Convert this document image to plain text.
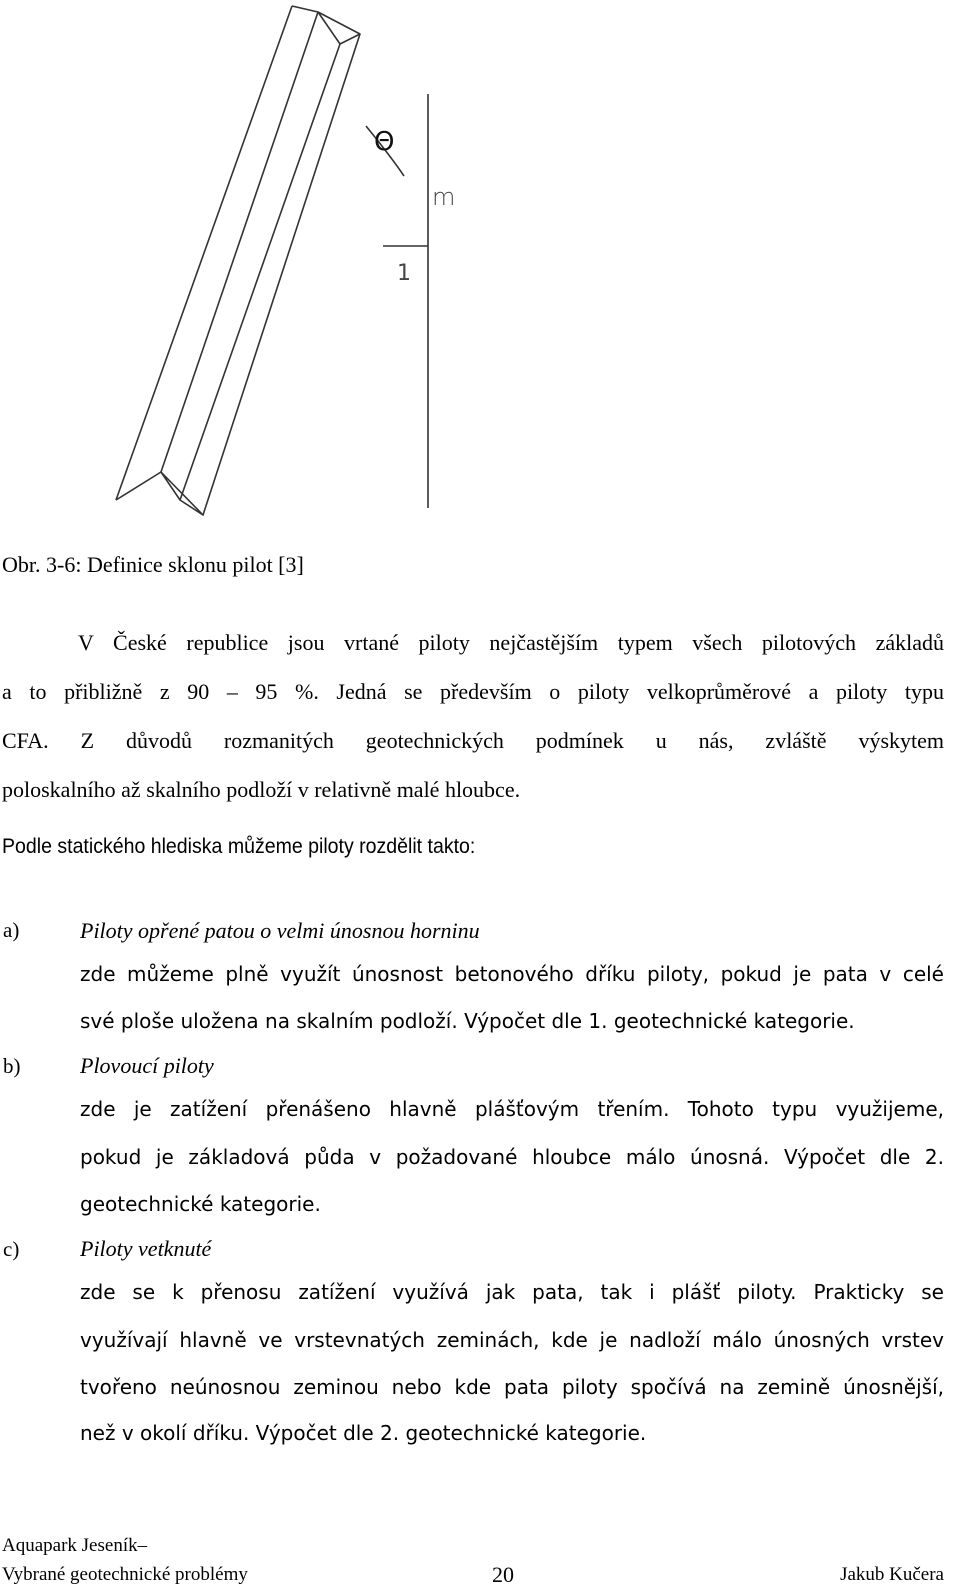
Θ
m
1
Obr. 3-6: Definice sklonu pilot [3]
V České republice jsou vrtané piloty nejčastějším typem všech pilotových základů
a to přibližně z 90 – 95 %. Jedná se především o piloty velkoprůměrové a piloty typu
CFA. Z důvodů rozmanitých geotechnických podmínek u nás, zvláště výskytem
poloskalního až skalního podloží v relativně malé hloubce.
Podle statického hlediska můžeme piloty rozdělit takto:
a)	Piloty opřené patou o velmi únosnou horninu
zde můžeme plně využít únosnost betonového dříku piloty, pokud je pata v celé
své ploše uložena na skalním podloží. Výpočet dle 1. geotechnické kategorie.
b)	Plovoucí piloty
zde je zatížení přenášeno hlavně plášťovým třením. Tohoto typu využijeme,
pokud je základová půda v požadované hloubce málo únosná. Výpočet dle 2.
geotechnické kategorie.
c)	Piloty vetknuté
zde se k přenosu zatížení využívá jak pata, tak i plášť piloty. Prakticky se
využívají hlavně ve vrstevnatých zeminách, kde je nadloží málo únosných vrstev
tvořeno neúnosnou zeminou nebo kde pata piloty spočívá na zemině únosnější,
než v okolí dříku. Výpočet dle 2. geotechnické kategorie.
Aquapark Jeseník–
Vybrané geotechnické problémy	20	Jakub Kučera
